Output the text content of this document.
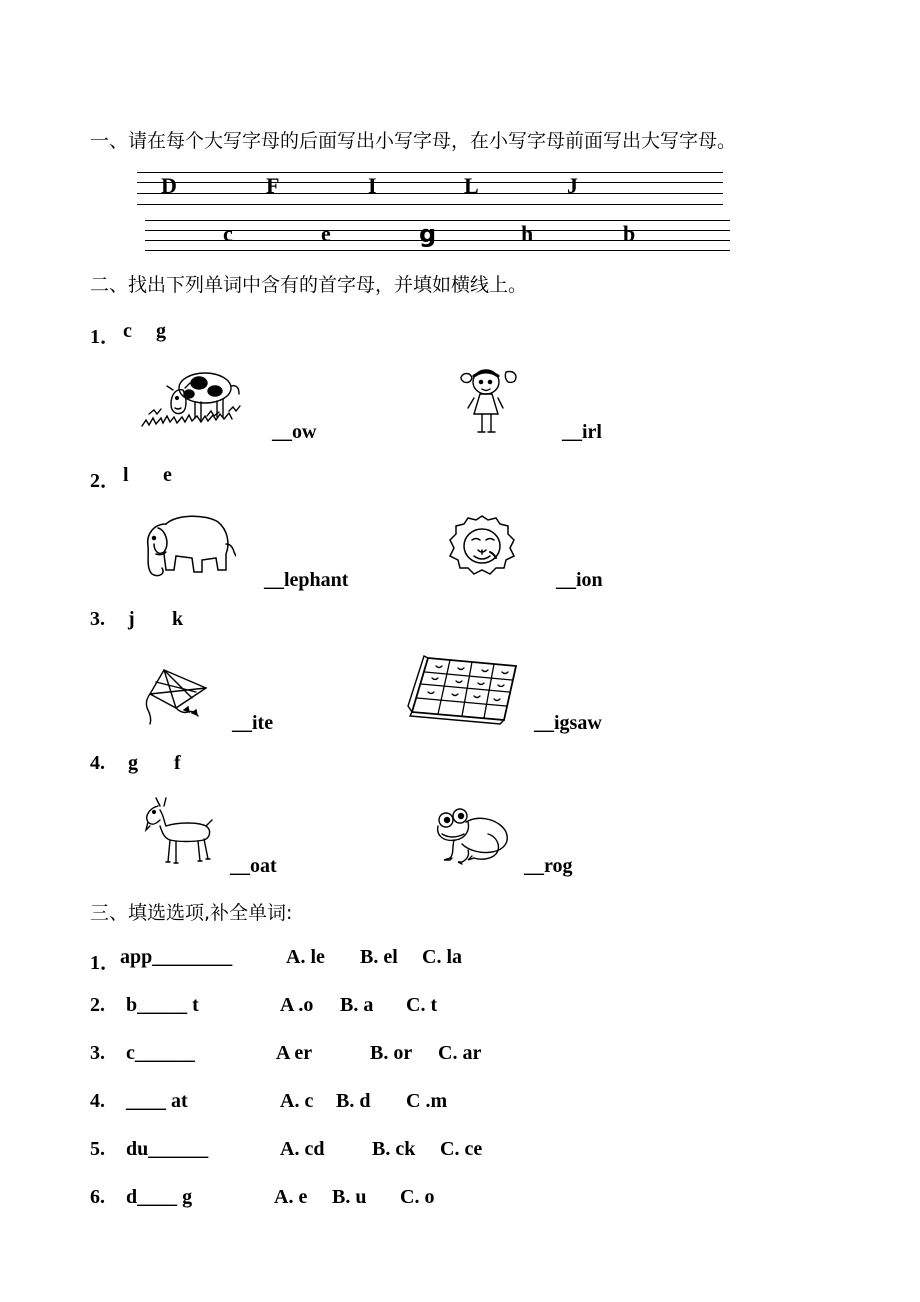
一、请在每个大写字母的后面写出小写字母，在小写字母前面写出大写字母。
D	F	I	L	J
c	e	g	h	b
二、找出下列单词中含有的首字母，并填如横线上。
1． c g
__ow	__irl
2． l e
__lephant	__ion
3. j k
__ite	__igsaw
4. g f
__oat	__rog
三、填选选项,补全单词:
1． app________	A. le B. el C. la
2. b_____ t	A .o B. a C. t
3. c______	A er	B. or C. ar
4. ____ at	A. c B. d C .m
5. du______	A. cd B. ck C. ce
6. d____ g	A. e B. u C. o
